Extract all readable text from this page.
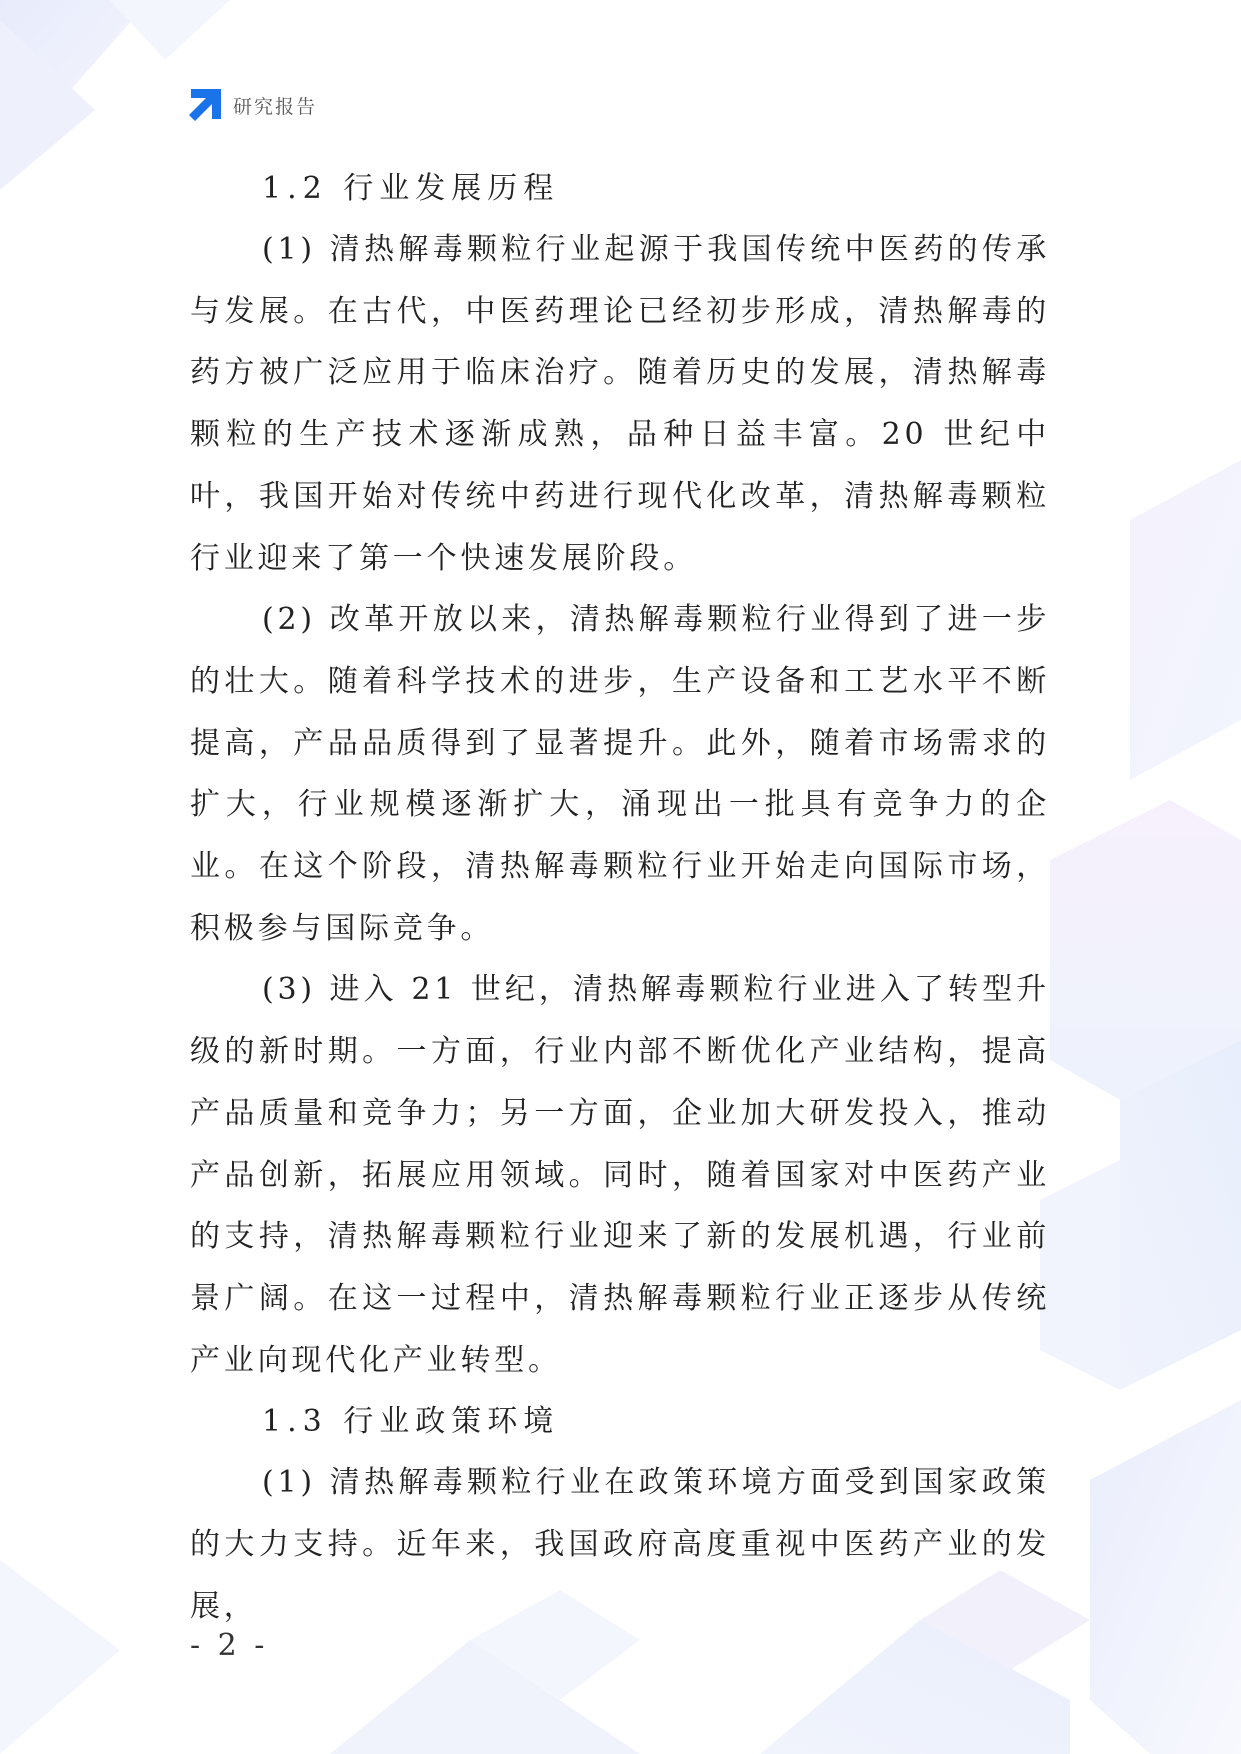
研究报告
1.2 行业发展历程

(1) 清热解毒颗粒行业起源于我国传统中医药的传承与发展。在古代，中医药理论已经初步形成，清热解毒的药方被广泛应用于临床治疗。随着历史的发展，清热解毒颗粒的生产技术逐渐成熟，品种日益丰富。20 世纪中叶，我国开始对传统中药进行现代化改革，清热解毒颗粒行业迎来了第一个快速发展阶段。

(2) 改革开放以来，清热解毒颗粒行业得到了进一步的壮大。随着科学技术的进步，生产设备和工艺水平不断提高，产品品质得到了显著提升。此外，随着市场需求的扩大，行业规模逐渐扩大，涌现出一批具有竞争力的企业。在这个阶段，清热解毒颗粒行业开始走向国际市场，积极参与国际竞争。

(3) 进入 21 世纪，清热解毒颗粒行业进入了转型升级的新时期。一方面，行业内部不断优化产业结构，提高产品质量和竞争力；另一方面，企业加大研发投入，推动产品创新，拓展应用领域。同时，随着国家对中医药产业的支持，清热解毒颗粒行业迎来了新的发展机遇，行业前景广阔。在这一过程中，清热解毒颗粒行业正逐步从传统产业向现代化产业转型。

1.3 行业政策环境

(1) 清热解毒颗粒行业在政策环境方面受到国家政策的大力支持。近年来，我国政府高度重视中医药产业的发展，

- 2 -
